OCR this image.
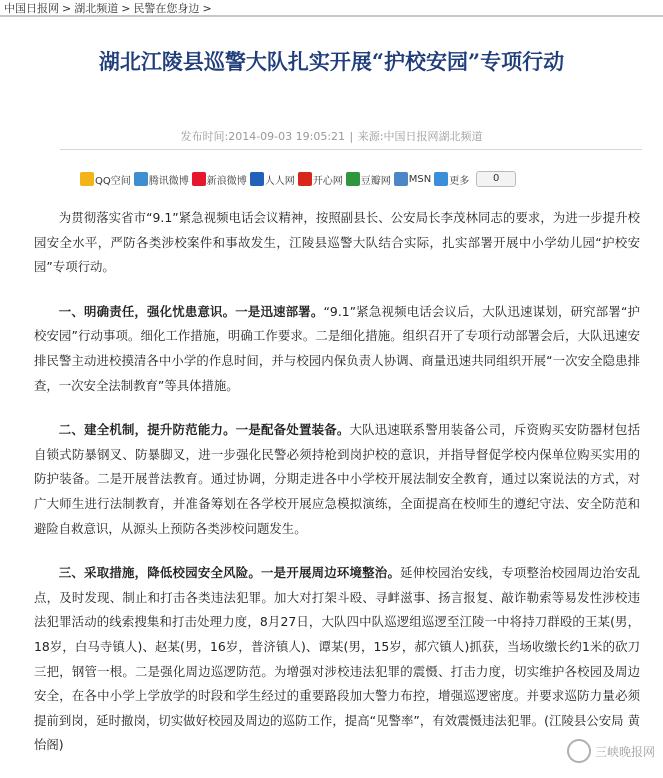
中国日报网 > 湖北频道 > 民警在您身边 >
湖北江陵县巡警大队扎实开展“护校安园”专项行动
发布时间:2014-09-03 19:05:21 | 来源:中国日报网湖北频道
QQ空间 腾讯微博 新浪微博 人人网 开心网 豆瓣网 MSN 更多	0

为贯彻落实省市“9.1”紧急视频电话会议精神，按照副县长、公安局长李茂林同志的要求，为进一步提升校园安全水平，严防各类涉校案件和事故发生，江陵县巡警大队结合实际，扎实部署开展中小学幼儿园“护校安园”专项行动。

一、明确责任，强化忧患意识。一是迅速部署。“9.1”紧急视频电话会议后，大队迅速谋划，研究部署“护校安园”行动事项。细化工作措施，明确工作要求。二是细化措施。组织召开了专项行动部署会后，大队迅速安排民警主动进校摸清各中小学的作息时间，并与校园内保负责人协调、商量迅速共同组织开展“一次安全隐患排查，一次安全法制教育”等具体措施。

二、建全机制，提升防范能力。一是配备处置装备。大队迅速联系警用装备公司，斥资购买安防器材包括自锁式防暴钢叉、防暴脚叉，进一步强化民警必须持枪到岗护校的意识，并指导督促学校内保单位购买实用的防护装备。二是开展普法教育。通过协调，分期走进各中小学校开展法制安全教育，通过以案说法的方式，对广大师生进行法制教育，并准备筹划在各学校开展应急模拟演练，全面提高在校师生的遵纪守法、安全防范和避险自救意识，从源头上预防各类涉校问题发生。

三、采取措施，降低校园安全风险。一是开展周边环境整治。延伸校园治安线，专项整治校园周边治安乱点，及时发现、制止和打击各类违法犯罪。加大对打架斗殴、寻衅滋事、扬言报复、敲诈勒索等易发性涉校违法犯罪活动的线索搜集和打击处理力度，8月27日，大队四中队巡逻组巡逻至江陵一中将持刀群殴的王某(男，18岁，白马寺镇人)、赵某(男，16岁，普济镇人)、谭某(男，15岁，郝穴镇人)抓获，当场收缴长约1米的砍刀三把，钢管一根。二是强化周边巡逻防范。为增强对涉校违法犯罪的震慑、打击力度，切实维护各校园及周边安全，在各中小学上学放学的时段和学生经过的重要路段加大警力布控，增强巡逻密度。并要求巡防力量必须提前到岗，延时撤岗，切实做好校园及周边的巡防工作，提高“见警率”，有效震慑违法犯罪。(江陵县公安局 黄怡阁)	三峡晚报网
